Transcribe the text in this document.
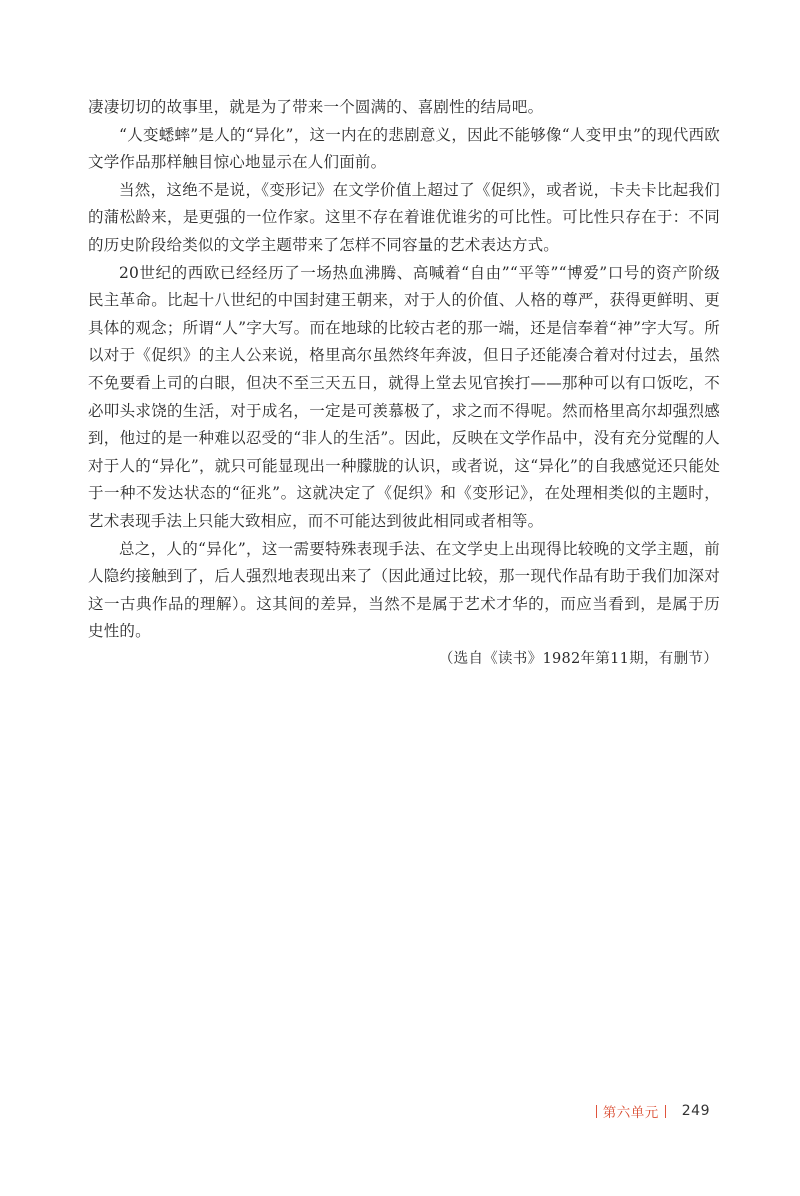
凄凄切切的故事里，就是为了带来一个圆满的、喜剧性的结局吧。

“人变蟋蟀”是人的“异化”，这一内在的悲剧意义，因此不能够像“人变甲虫”的现代西欧文学作品那样触目惊心地显示在人们面前。

当然，这绝不是说，《变形记》在文学价值上超过了《促织》，或者说，卡夫卡比起我们的蒲松龄来，是更强的一位作家。这里不存在着谁优谁劣的可比性。可比性只存在于：不同的历史阶段给类似的文学主题带来了怎样不同容量的艺术表达方式。

20世纪的西欧已经经历了一场热血沸腾、高喊着“自由”“平等”“博爱”口号的资产阶级民主革命。比起十八世纪的中国封建王朝来，对于人的价值、人格的尊严，获得更鲜明、更具体的观念；所谓“人”字大写。而在地球的比较古老的那一端，还是信奉着“神”字大写。所以对于《促织》的主人公来说，格里高尔虽然终年奔波，但日子还能凑合着对付过去，虽然不免要看上司的白眼，但决不至三天五日，就得上堂去见官挨打——那种可以有口饭吃，不必叩头求饶的生活，对于成名，一定是可羡慕极了，求之而不得呢。然而格里高尔却强烈感到，他过的是一种难以忍受的“非人的生活”。因此，反映在文学作品中，没有充分觉醒的人对于人的“异化”，就只可能显现出一种朦胧的认识，或者说，这“异化”的自我感觉还只能处于一种不发达状态的“征兆”。这就决定了《促织》和《变形记》，在处理相类似的主题时，艺术表现手法上只能大致相应，而不可能达到彼此相同或者相等。

总之，人的“异化”，这一需要特殊表现手法、在文学史上出现得比较晚的文学主题，前人隐约接触到了，后人强烈地表现出来了（因此通过比较，那一现代作品有助于我们加深对这一古典作品的理解）。这其间的差异，当然不是属于艺术才华的，而应当看到，是属于历史性的。

（选自《读书》1982年第11期，有删节）

第六单元 249
